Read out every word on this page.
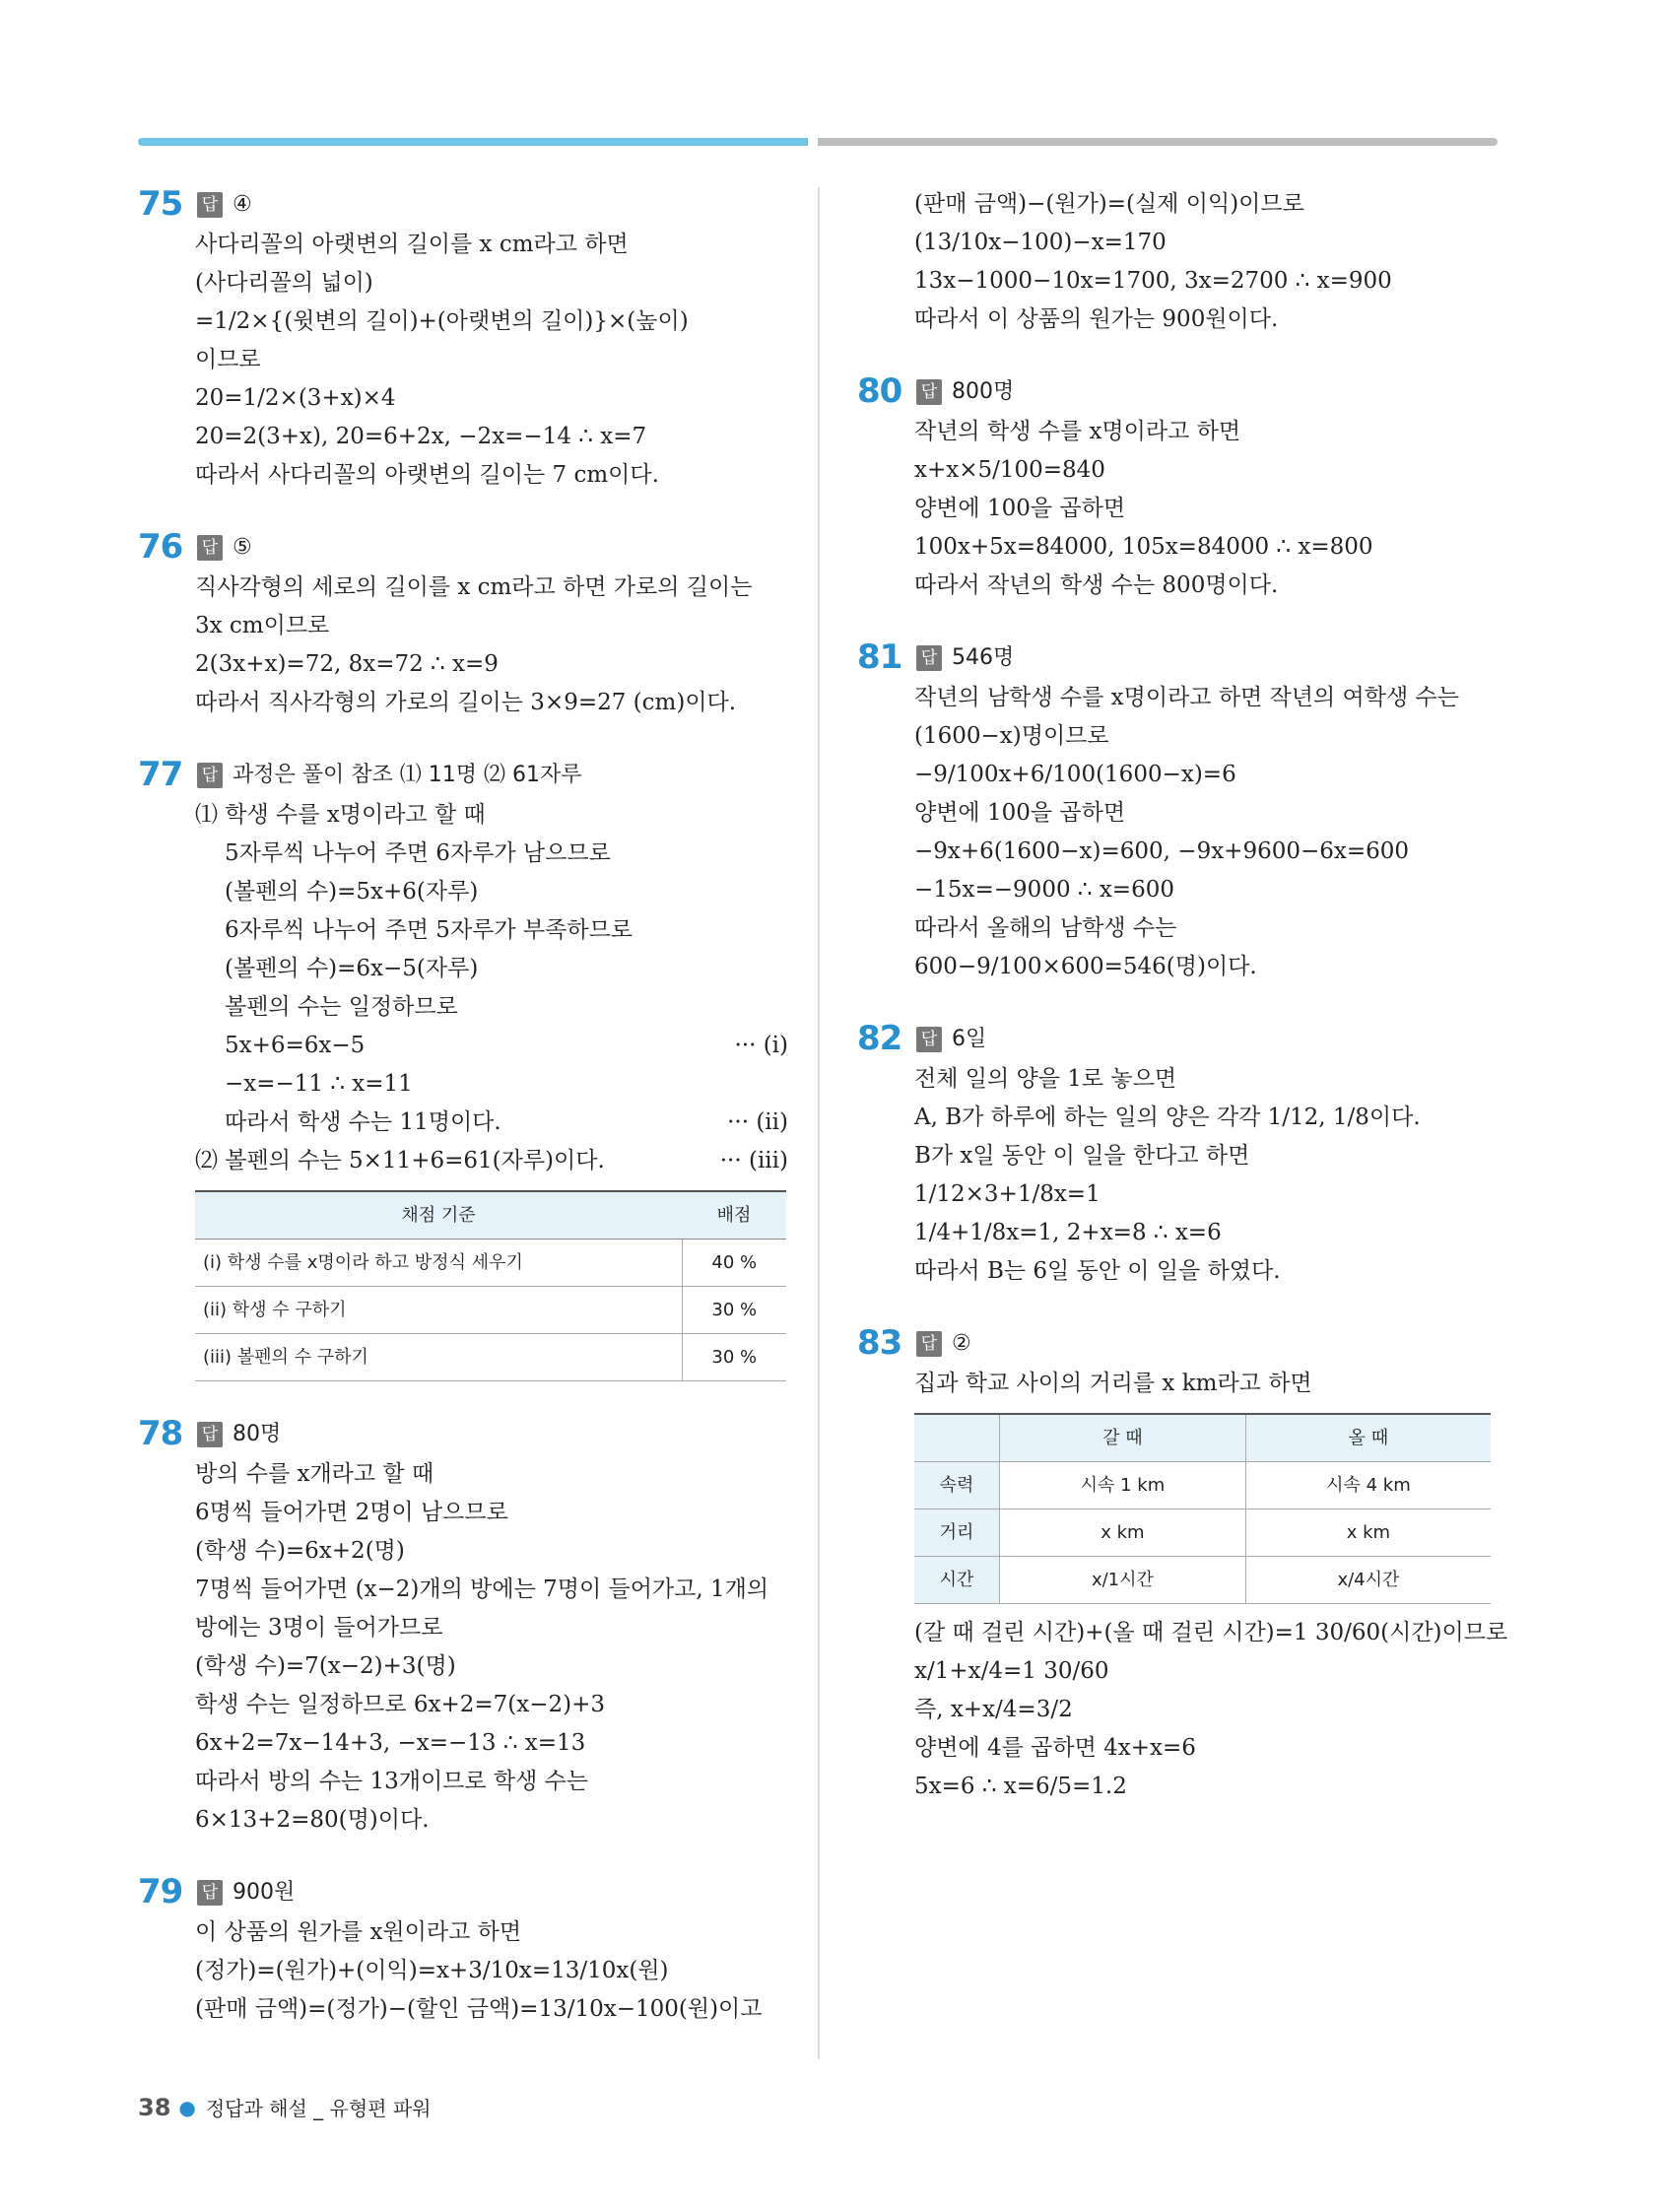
75	답 ④
사다리꼴의 아랫변의 길이를 x cm라고 하면
(사다리꼴의 넓이)
=1/2×{(윗변의 길이)+(아랫변의 길이)}×(높이)
이므로
20=1/2×(3+x)×4
20=2(3+x), 20=6+2x, −2x=−14 ∴ x=7
따라서 사다리꼴의 아랫변의 길이는 7 cm이다.
76	답 ⑤
직사각형의 세로의 길이를 x cm라고 하면 가로의 길이는
3x cm이므로
2(3x+x)=72, 8x=72 ∴ x=9
따라서 직사각형의 가로의 길이는 3×9=27 (cm)이다.
77	답 과정은 풀이 참조 ⑴ 11명 ⑵ 61자루
⑴ 학생 수를 x명이라고 할 때
5자루씩 나누어 주면 6자루가 남으므로
(볼펜의 수)=5x+6(자루)
6자루씩 나누어 주면 5자루가 부족하므로
(볼펜의 수)=6x−5(자루)
볼펜의 수는 일정하므로
5x+6=6x−5	··· (i)
−x=−11 ∴ x=11
따라서 학생 수는 11명이다.	··· (ii)
⑵ 볼펜의 수는 5×11+6=61(자루)이다.	··· (iii)
채점 기준	배점
(i) 학생 수를 x명이라 하고 방정식 세우기	40 %
(ii) 학생 수 구하기	30 %
(iii) 볼펜의 수 구하기	30 %
78	답 80명
방의 수를 x개라고 할 때
6명씩 들어가면 2명이 남으므로
(학생 수)=6x+2(명)
7명씩 들어가면 (x−2)개의 방에는 7명이 들어가고, 1개의
방에는 3명이 들어가므로
(학생 수)=7(x−2)+3(명)
학생 수는 일정하므로 6x+2=7(x−2)+3
6x+2=7x−14+3, −x=−13 ∴ x=13
따라서 방의 수는 13개이므로 학생 수는
6×13+2=80(명)이다.
79	답 900원
이 상품의 원가를 x원이라고 하면
(정가)=(원가)+(이익)=x+3/10x=13/10x(원)
(판매 금액)=(정가)−(할인 금액)=13/10x−100(원)이고
(판매 금액)−(원가)=(실제 이익)이므로
(13/10x−100)−x=170
13x−1000−10x=1700, 3x=2700 ∴ x=900
따라서 이 상품의 원가는 900원이다.
80	답 800명
작년의 학생 수를 x명이라고 하면
x+x×5/100=840
양변에 100을 곱하면
100x+5x=84000, 105x=84000 ∴ x=800
따라서 작년의 학생 수는 800명이다.
81	답 546명
작년의 남학생 수를 x명이라고 하면 작년의 여학생 수는
(1600−x)명이므로
−9/100x+6/100(1600−x)=6
양변에 100을 곱하면
−9x+6(1600−x)=600, −9x+9600−6x=600
−15x=−9000 ∴ x=600
따라서 올해의 남학생 수는
600−9/100×600=546(명)이다.
82	답 6일
전체 일의 양을 1로 놓으면
A, B가 하루에 하는 일의 양은 각각 1/12, 1/8이다.
B가 x일 동안 이 일을 한다고 하면
1/12×3+1/8x=1
1/4+1/8x=1, 2+x=8 ∴ x=6
따라서 B는 6일 동안 이 일을 하였다.
83	답 ②
집과 학교 사이의 거리를 x km라고 하면
	갈 때	올 때
속력	시속 1 km	시속 4 km
거리	x km	x km
시간	x/1시간	x/4시간
(갈 때 걸린 시간)+(올 때 걸린 시간)=1 30/60(시간)이므로
x/1+x/4=1 30/60
즉, x+x/4=3/2
양변에 4를 곱하면 4x+x=6
5x=6 ∴ x=6/5=1.2
38 ● 정답과 해설 _ 유형편 파워
